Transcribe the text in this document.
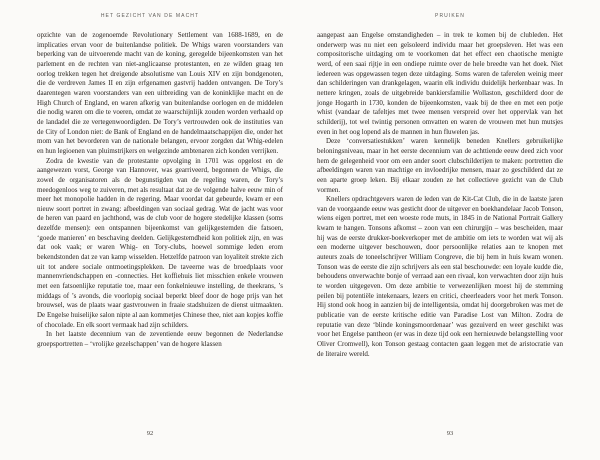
HET GEZICHT VAN DE MACHT

opzichte van de zogenoemde Revolutionary Settlement van 1688-1689, en de implicaties ervan voor de buitenlandse politiek. De Whigs waren voorstanders van beperking van de uitvoerende macht van de koning, geregelde bijeenkomsten van het parlement en de rechten van niet-anglicaanse protestanten, en ze wilden graag ten oorlog trekken tegen het dreigende absolutisme van Louis XIV en zijn bondgenoten, die de verdreven James II en zijn erfgenamen gastvrij hadden ontvangen. De Tory’s daarentegen waren voorstanders van een uitbreiding van de koninklijke macht en de High Church of England, en waren afkerig van buitenlandse oorlogen en de middelen die nodig waren om die te voeren, omdat ze waarschijnlijk zouden worden verhaald op de landadel die ze vertegenwoordigden. De Tory’s vertrouwden ook de instituties van de City of London niet: de Bank of England en de handelmaatschappijen die, onder het mom van het bevorderen van de nationale belangen, ervoor zorgden dat Whig-edelen en hun legioenen van pluimstrijkers en welgezinde ambtenaren zich konden verrijken.

Zodra de kwestie van de protestante opvolging in 1701 was opgelost en de aangewezen vorst, George van Hannover, was gearriveerd, begonnen de Whigs, die zowel de organisatoren als de begunstigden van de regeling waren, de Tory’s meedogenloos weg te zuiveren, met als resultaat dat ze de volgende halve eeuw min of meer het monopolie hadden in de regering. Maar voordat dat gebeurde, kwam er een nieuw soort portret in zwang: afbeeldingen van sociaal gedrag. Wat de jacht was voor de heren van paard en jachthond, was de club voor de hogere stedelijke klassen (soms dezelfde mensen): een ontspannen bijeenkomst van gelijkgestemden die fatsoen, ‘goede manieren’ en beschaving deelden. Gelijkgestemdheid kon politiek zijn, en was dat ook vaak; er waren Whig- en Tory-clubs, hoewel sommige leden erom bekendstonden dat ze van kamp wisselden. Hetzelfde patroon van loyaliteit strekte zich uit tot andere sociale ontmoetingsplekken. De taveerne was de broedplaats voor mannenvriendschappen en -connecties. Het koffiehuis liet misschien enkele vrouwen met een fatsoenlijke reputatie toe, maar een fonkelnieuwe instelling, de theekrans, ’s middags of ’s avonds, die voorlopig sociaal beperkt bleef door de hoge prijs van het brouwsel, was de plaats waar gastvrouwen in fraaie stadshuizen de dienst uitmaakten. De Engelse huiselijke salon nipte al aan kommetjes Chinese thee, niet aan kopjes koffie of chocolade. En elk soort vermaak had zijn schilders.

In het laatste decennium van de zeventiende eeuw begonnen de Nederlandse groepsportretten – ‘vrolijke gezelschappen’ van de hogere klassen

92
PRUIKEN

aangepast aan Engelse omstandigheden – in trek te komen bij de clubleden. Het onderwerp was nu niet een geïsoleerd individu maar het groepsleven. Het was een compositorische uitdaging om te voorkomen dat het effect een chaotische menigte werd, of een saai rijtje in een ondiepe ruimte over de hele breedte van het doek. Niet iedereen was opgewassen tegen deze uitdaging. Soms waren de taferelen weinig meer dan schilderingen van drankgelagen, waarin elk individu duidelijk herkenbaar was. In nettere kringen, zoals de uitgebreide bankiersfamilie Wollaston, geschilderd door de jonge Hogarth in 1730, konden de bijeenkomsten, vaak bij de thee en met een potje whist (vandaar de tafeltjes met twee mensen verspreid over het oppervlak van het schilderij), tot wel twintig personen omvatten en waren de vrouwen met hun mutsjes even in het oog lopend als de mannen in hun fluwelen jas.

Deze ‘conversatiestukken’ waren kennelijk beneden Knellers gebruikelijke beloningsniveau, maar in het eerste decennium van de achttiende eeuw deed zich voor hem de gelegenheid voor om een ander soort clubschilderijen te maken: portretten die afbeeldingen waren van machtige en invloedrijke mensen, maar zo geschilderd dat ze een aparte groep leken. Bij elkaar zouden ze het collectieve gezicht van de Club vormen.

Knellers opdrachtgevers waren de leden van de Kit-Cat Club, die in de laatste jaren van de voorgaande eeuw was gesticht door de uitgever en boekhandelaar Jacob Tonson, wiens eigen portret, met een woeste rode muts, in 1845 in de National Portrait Gallery kwam te hangen. Tonsons afkomst – zoon van een chirurgijn – was bescheiden, maar hij was de eerste drukker-boekverkoper met de ambitie om iets te worden wat wij als een moderne uitgever beschouwen, door persoonlijke relaties aan te knopen met auteurs zoals de toneelschrijver William Congreve, die bij hem in huis kwam wonen. Tonson was de eerste die zijn schrijvers als een stal beschouwde: een loyale kudde die, behoudens onverwachte bonje of verraad aan een rivaal, kon verwachten door zijn huis te worden uitgegeven. Om deze ambitie te verwezenlijken moest hij de stemming peilen bij potentiële intekenaars, lezers en critici, cheerleaders voor het merk Tonson. Hij stond ook hoog in aanzien bij de intelligentsia, omdat hij doorgebroken was met de publicatie van de eerste kritische editie van Paradise Lost van Milton. Zodra de reputatie van deze ‘blinde koningsmoordenaar’ was gezuiverd en weer geschikt was voor het Engelse pantheon (er was in deze tijd ook een hernieuwde belangstelling voor Oliver Cromwell), kon Tonson gestaag contacten gaan leggen met de aristocratie van de literaire wereld.

93
